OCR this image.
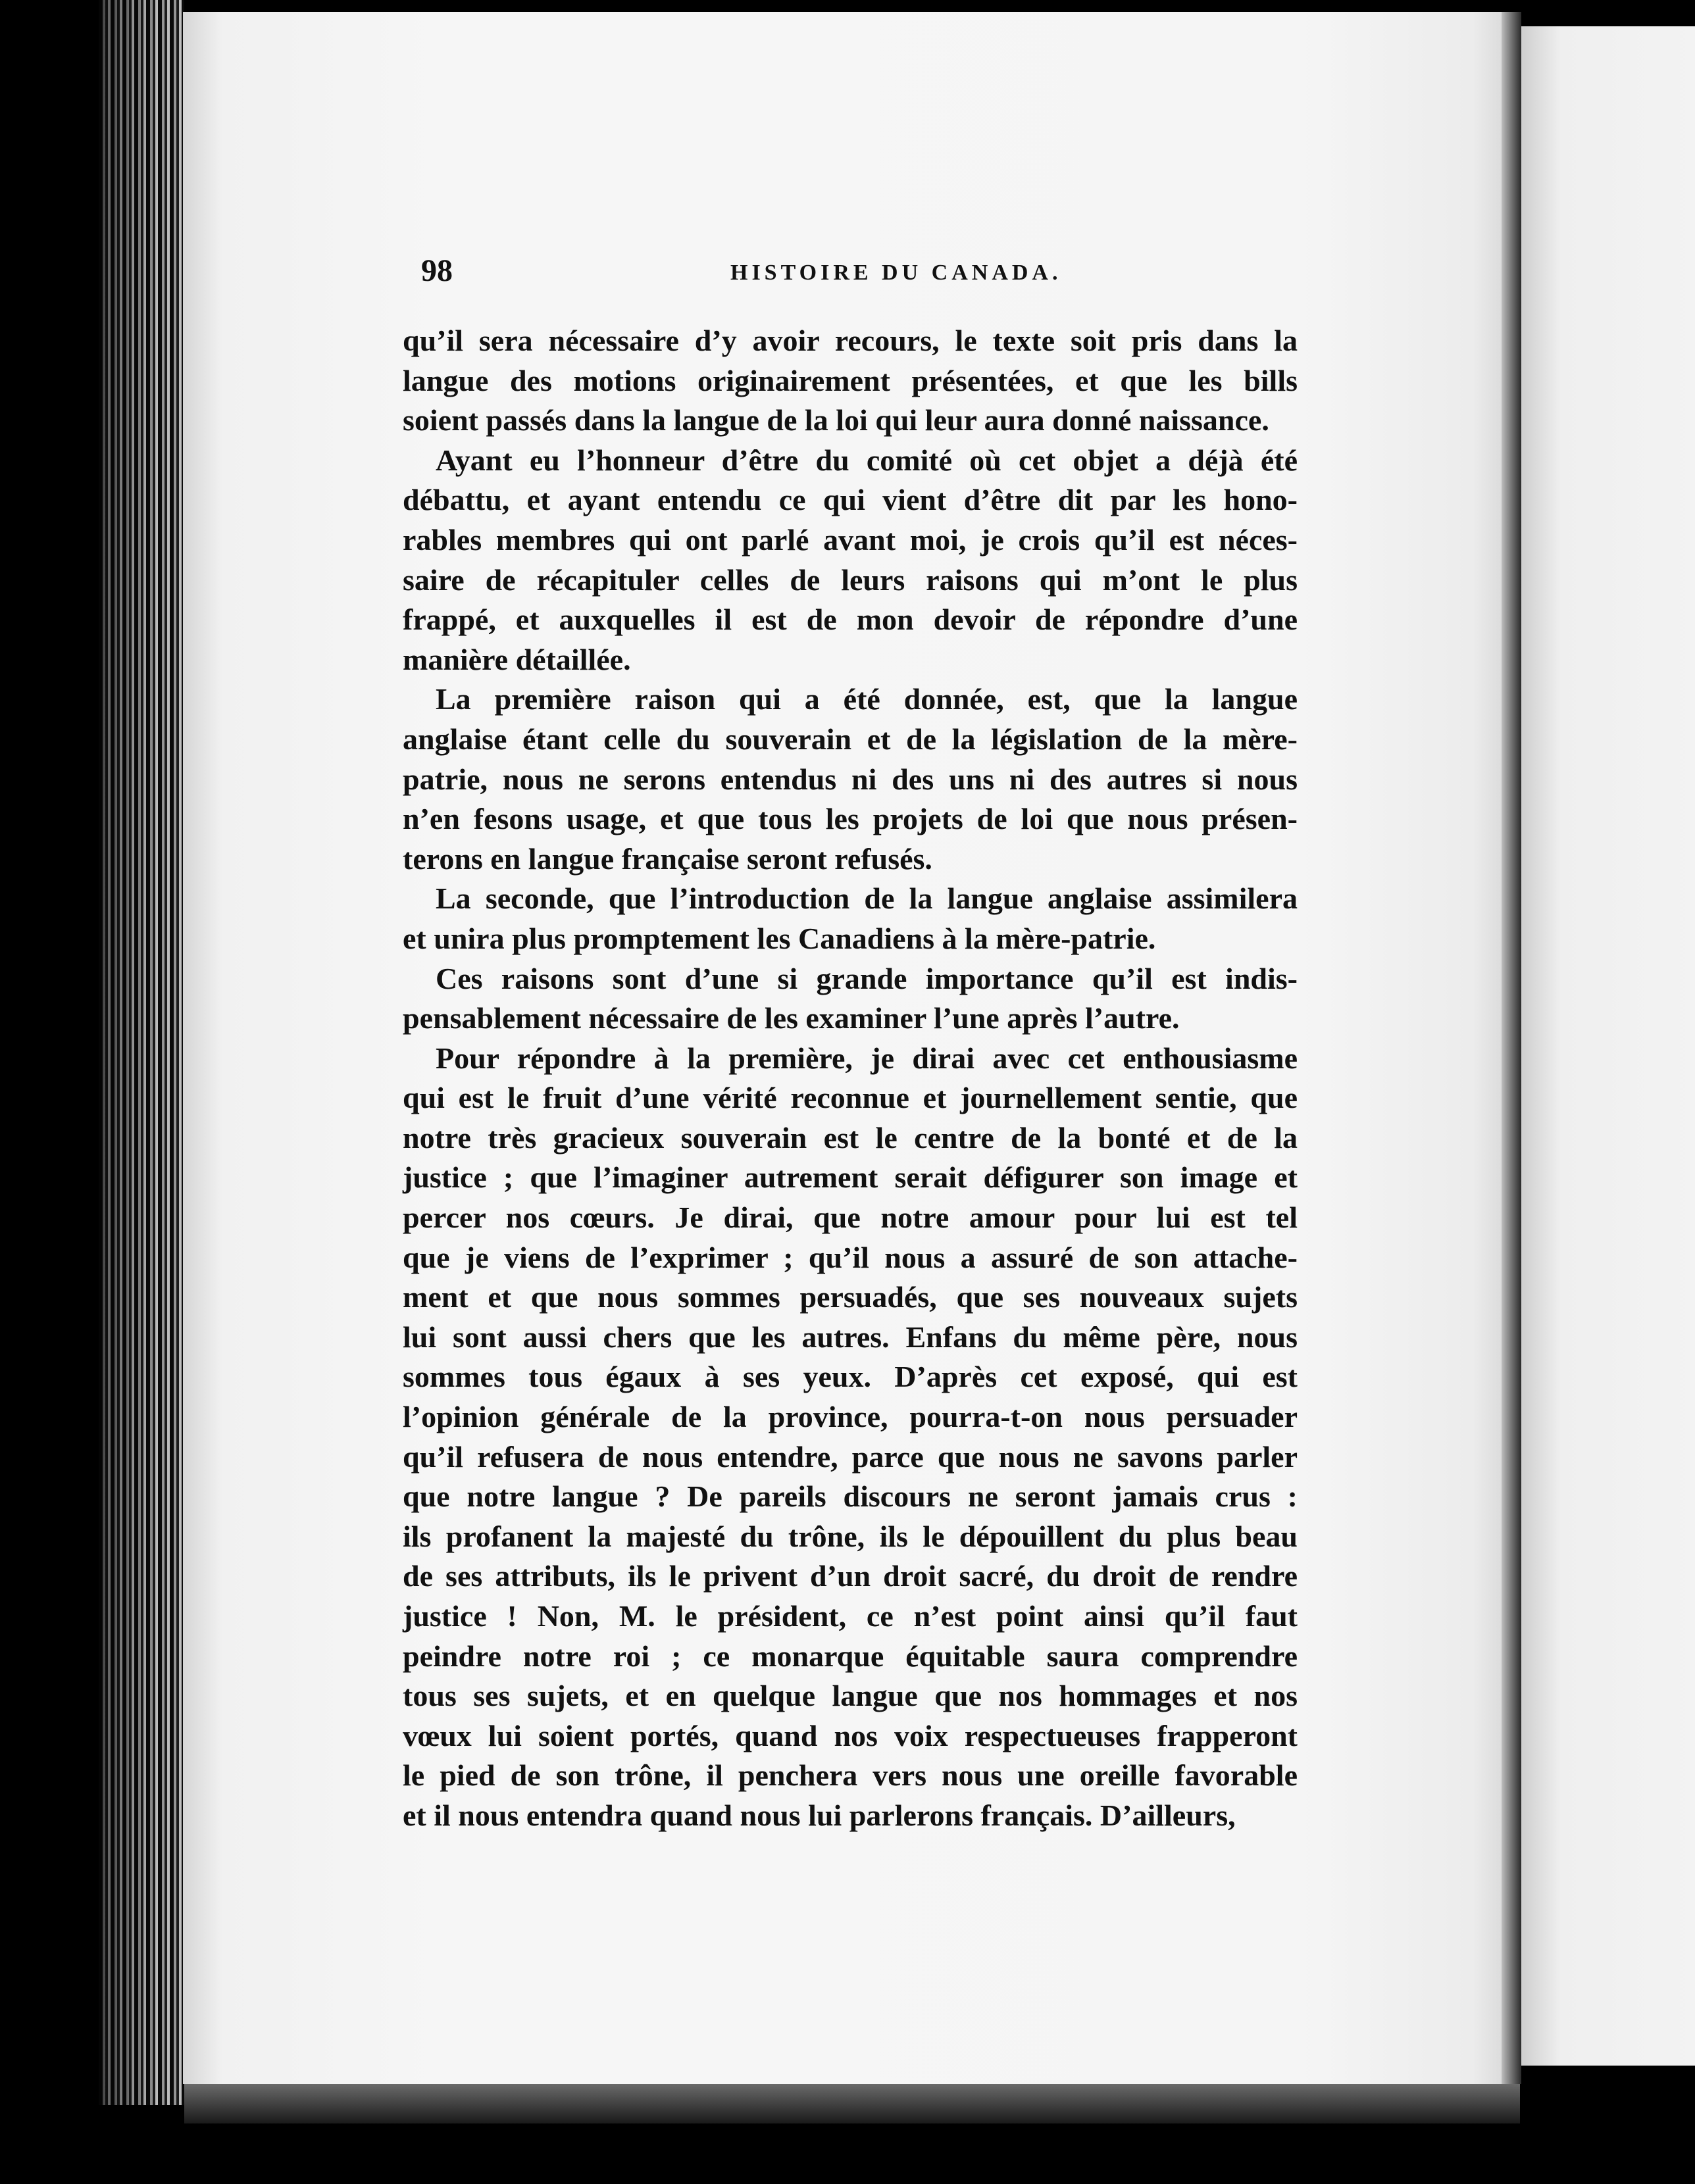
98	HISTOIRE DU CANADA.
qu’il sera nécessaire d’y avoir recours, le texte soit pris dans la
langue des motions originairement présentées, et que les bills
soient passés dans la langue de la loi qui leur aura donné naissance.
Ayant eu l’honneur d’être du comité où cet objet a déjà été
débattu, et ayant entendu ce qui vient d’être dit par les hono-
rables membres qui ont parlé avant moi, je crois qu’il est néces-
saire de récapituler celles de leurs raisons qui m’ont le plus
frappé, et auxquelles il est de mon devoir de répondre d’une
manière détaillée.
La première raison qui a été donnée, est, que la langue
anglaise étant celle du souverain et de la législation de la mère-
patrie, nous ne serons entendus ni des uns ni des autres si nous
n’en fesons usage, et que tous les projets de loi que nous présen-
terons en langue française seront refusés.
La seconde, que l’introduction de la langue anglaise assimilera
et unira plus promptement les Canadiens à la mère-patrie.
Ces raisons sont d’une si grande importance qu’il est indis-
pensablement nécessaire de les examiner l’une après l’autre.
Pour répondre à la première, je dirai avec cet enthousiasme
qui est le fruit d’une vérité reconnue et journellement sentie, que
notre très gracieux souverain est le centre de la bonté et de la
justice ; que l’imaginer autrement serait défigurer son image et
percer nos cœurs. Je dirai, que notre amour pour lui est tel
que je viens de l’exprimer ; qu’il nous a assuré de son attache-
ment et que nous sommes persuadés, que ses nouveaux sujets
lui sont aussi chers que les autres. Enfans du même père, nous
sommes tous égaux à ses yeux. D’après cet exposé, qui est
l’opinion générale de la province, pourra-t-on nous persuader
qu’il refusera de nous entendre, parce que nous ne savons parler
que notre langue ? De pareils discours ne seront jamais crus :
ils profanent la majesté du trône, ils le dépouillent du plus beau
de ses attributs, ils le privent d’un droit sacré, du droit de rendre
justice ! Non, M. le président, ce n’est point ainsi qu’il faut
peindre notre roi ; ce monarque équitable saura comprendre
tous ses sujets, et en quelque langue que nos hommages et nos
vœux lui soient portés, quand nos voix respectueuses frapperont
le pied de son trône, il penchera vers nous une oreille favorable
et il nous entendra quand nous lui parlerons français. D’ailleurs,
